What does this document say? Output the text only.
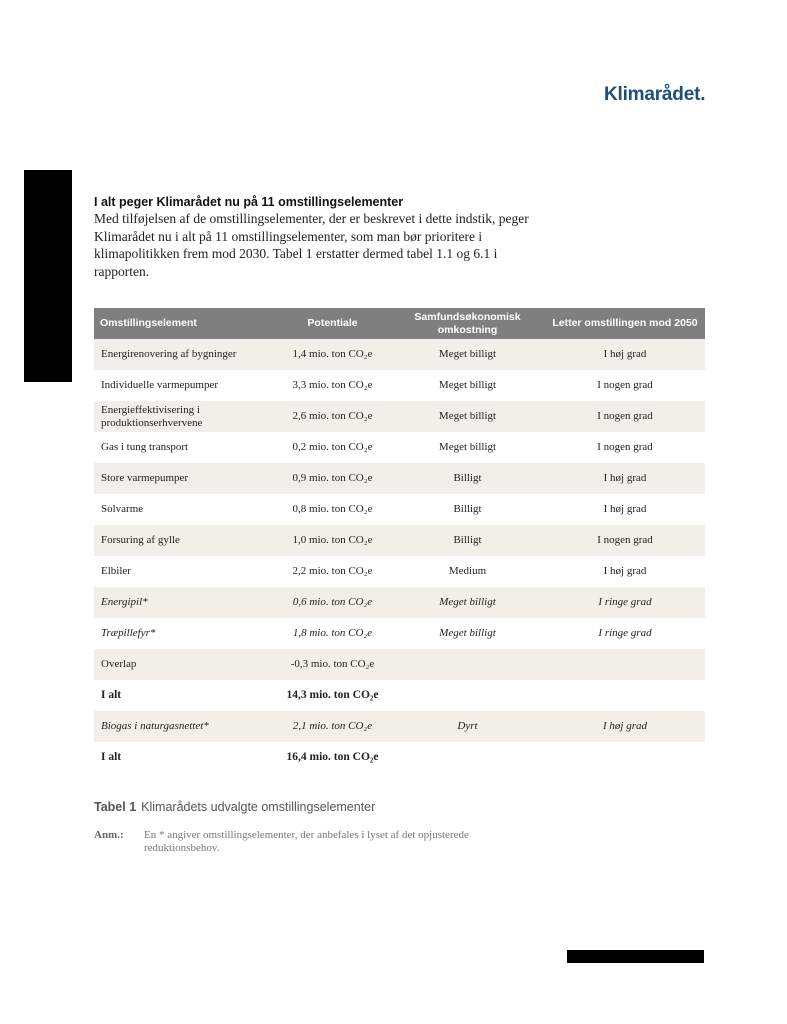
Klimarådet.
I alt peger Klimarådet nu på 11 omstillingselementer

Med tilføjelsen af de omstillingselementer, der er beskrevet i dette indstik, peger Klimarådet nu i alt på 11 omstillingselementer, som man bør prioritere i klimapolitikken frem mod 2030. Tabel 1 erstatter dermed tabel 1.1 og 6.1 i rapporten.

Omstillingselement	Potentiale	Samfundsøkonomisk omkostning	Letter omstillingen mod 2050
Energirenovering af bygninger	1,4 mio. ton CO₂e	Meget billigt	I høj grad
Individuelle varmepumper	3,3 mio. ton CO₂e	Meget billigt	I nogen grad
Energieffektivisering i produktionserhvervene	2,6 mio. ton CO₂e	Meget billigt	I nogen grad
Gas i tung transport	0,2 mio. ton CO₂e	Meget billigt	I nogen grad
Store varmepumper	0,9 mio. ton CO₂e	Billigt	I høj grad
Solvarme	0,8 mio. ton CO₂e	Billigt	I høj grad
Forsuring af gylle	1,0 mio. ton CO₂e	Billigt	I nogen grad
Elbiler	2,2 mio. ton CO₂e	Medium	I høj grad
Energipil*	0,6 mio. ton CO₂e	Meget billigt	I ringe grad
Træpillefyr*	1,8 mio. ton CO₂e	Meget billigt	I ringe grad
Overlap	-0,3 mio. ton CO₂e		
I alt	14,3 mio. ton CO₂e		
Biogas i naturgasnettet*	2,1 mio. ton CO₂e	Dyrt	I høj grad
I alt	16,4 mio. ton CO₂e		
Tabel 1 Klimarådets udvalgte omstillingselementer
Anm.: En * angiver omstillingselementer, der anbefales i lyset af det opjusterede reduktionsbehov.
